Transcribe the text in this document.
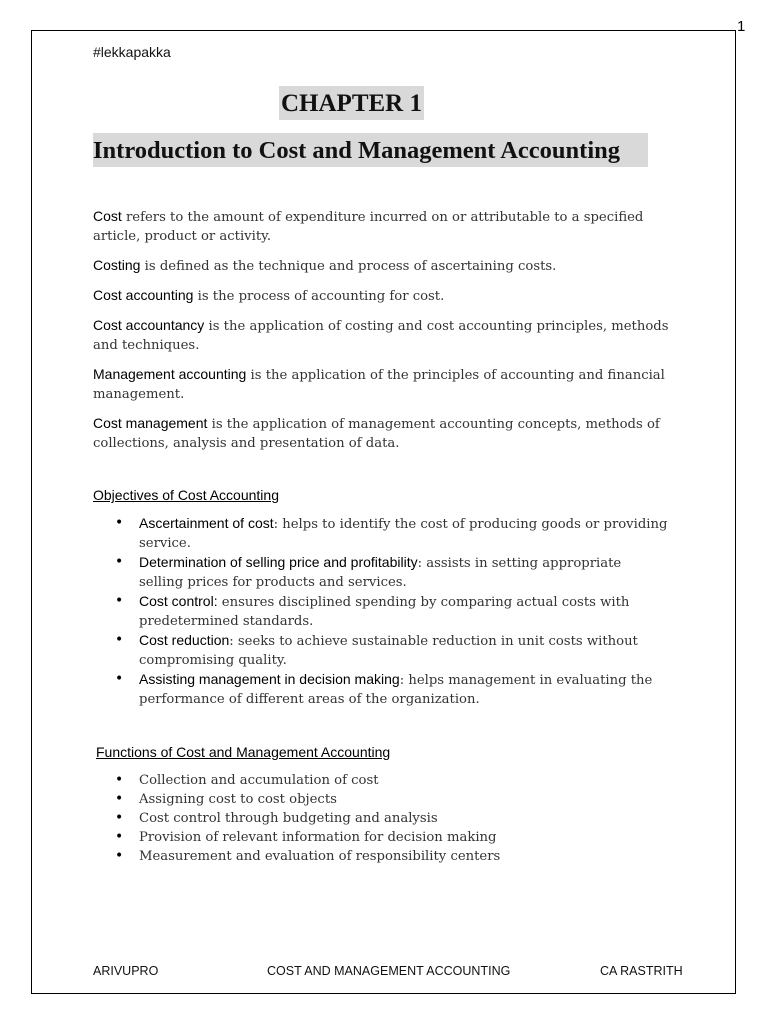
1
#lekkapakka
CHAPTER 1
Introduction to Cost and Management Accounting

Cost refers to the amount of expenditure incurred on or attributable to a specified article, product or activity.

Costing is defined as the technique and process of ascertaining costs.

Cost accounting is the process of accounting for cost.

Cost accountancy is the application of costing and cost accounting principles, methods and techniques.

Management accounting is the application of the principles of accounting and financial management.

Cost management is the application of management accounting concepts, methods of collections, analysis and presentation of data.

Objectives of Cost Accounting
• Ascertainment of cost: helps to identify the cost of producing goods or providing service.
• Determination of selling price and profitability: assists in setting appropriate selling prices for products and services.
• Cost control: ensures disciplined spending by comparing actual costs with predetermined standards.
• Cost reduction: seeks to achieve sustainable reduction in unit costs without compromising quality.
• Assisting management in decision making: helps management in evaluating the performance of different areas of the organization.
Functions of Cost and Management Accounting
• Collection and accumulation of cost
• Assigning cost to cost objects
• Cost control through budgeting and analysis
• Provision of relevant information for decision making
• Measurement and evaluation of responsibility centers
ARIVUPRO	COST AND MANAGEMENT ACCOUNTING	CA RASTRITH
